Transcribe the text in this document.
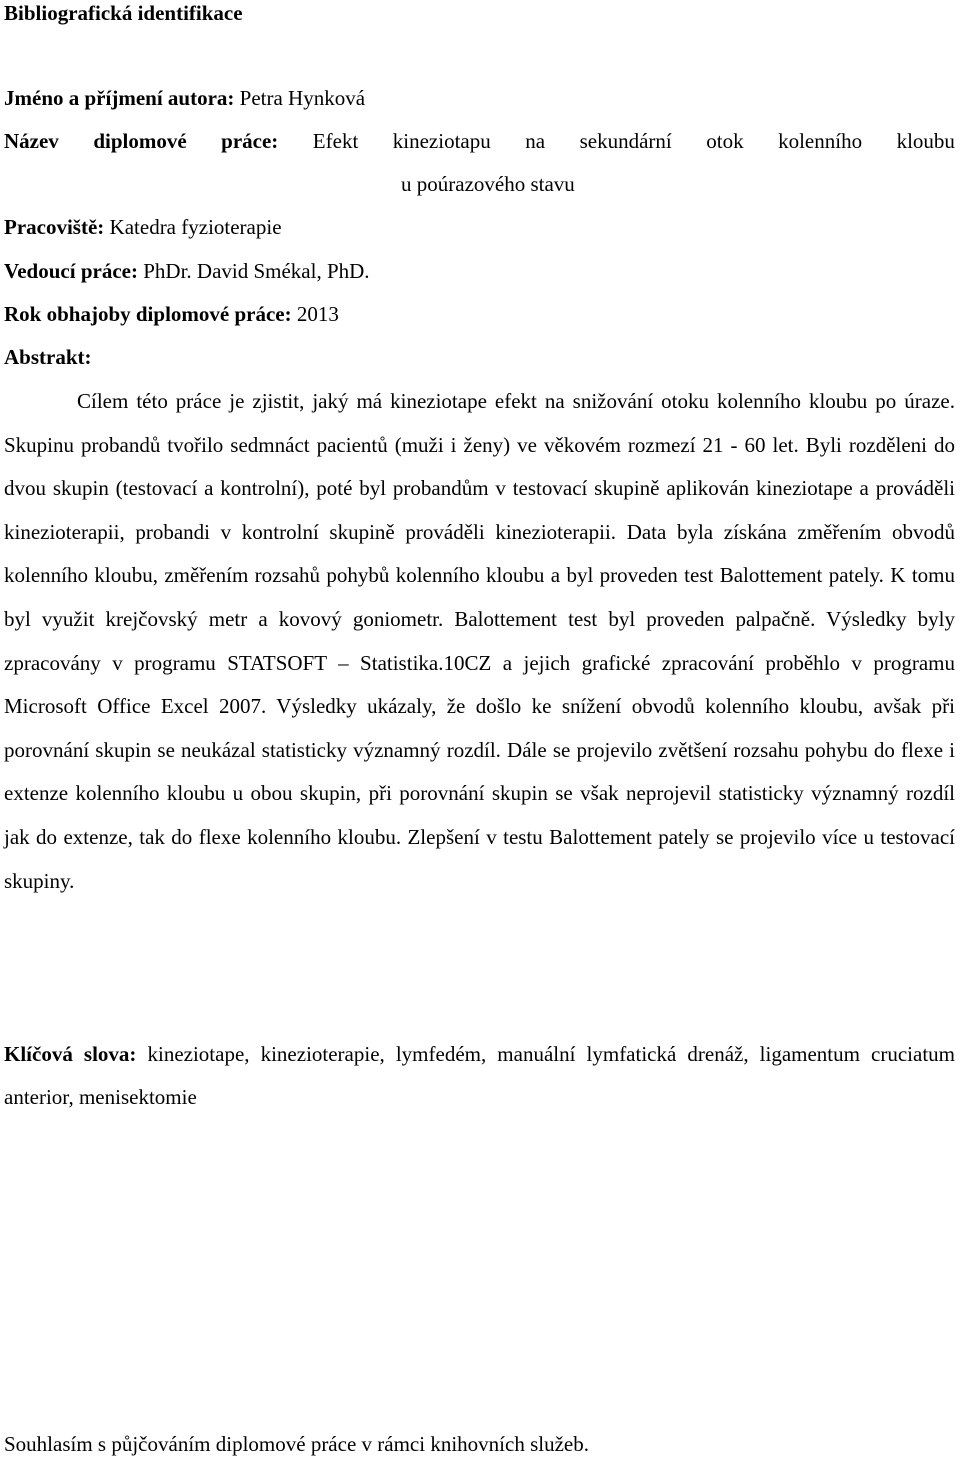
Bibliografická identifikace
Jméno a příjmení autora: Petra Hynková
Název diplomové práce: Efekt kineziotapu na sekundární otok kolenního kloubu
u poúrazového stavu
Pracoviště: Katedra fyzioterapie
Vedoucí práce: PhDr. David Smékal, PhD.
Rok obhajoby diplomové práce: 2013
Abstrakt:
Cílem této práce je zjistit, jaký má kineziotape efekt na snižování otoku kolenního kloubu po úraze. Skupinu probandů tvořilo sedmnáct pacientů (muži i ženy) ve věkovém rozmezí 21 - 60 let. Byli rozděleni do dvou skupin (testovací a kontrolní), poté byl probandům v testovací skupině aplikován kineziotape a prováděli kinezioterapii, probandi v kontrolní skupině prováděli kinezioterapii. Data byla získána změřením obvodů kolenního kloubu, změřením rozsahů pohybů kolenního kloubu a byl proveden test Balottement pately. K tomu byl využit krejčovský metr a kovový goniometr. Balottement test byl proveden palpačně. Výsledky byly zpracovány v programu STATSOFT – Statistika.10CZ a jejich grafické zpracování proběhlo v programu Microsoft Office Excel 2007. Výsledky ukázaly, že došlo ke snížení obvodů kolenního kloubu, avšak při porovnání skupin se neukázal statisticky významný rozdíl. Dále se projevilo zvětšení rozsahu pohybu do flexe i extenze kolenního kloubu u obou skupin, při porovnání skupin se však neprojevil statisticky významný rozdíl jak do extenze, tak do flexe kolenního kloubu. Zlepšení v testu Balottement pately se projevilo více u testovací skupiny.
Klíčová slova: kineziotape, kinezioterapie, lymfedém, manuální lymfatická drenáž, ligamentum cruciatum anterior, menisektomie
Souhlasím s půjčováním diplomové práce v rámci knihovních služeb.
